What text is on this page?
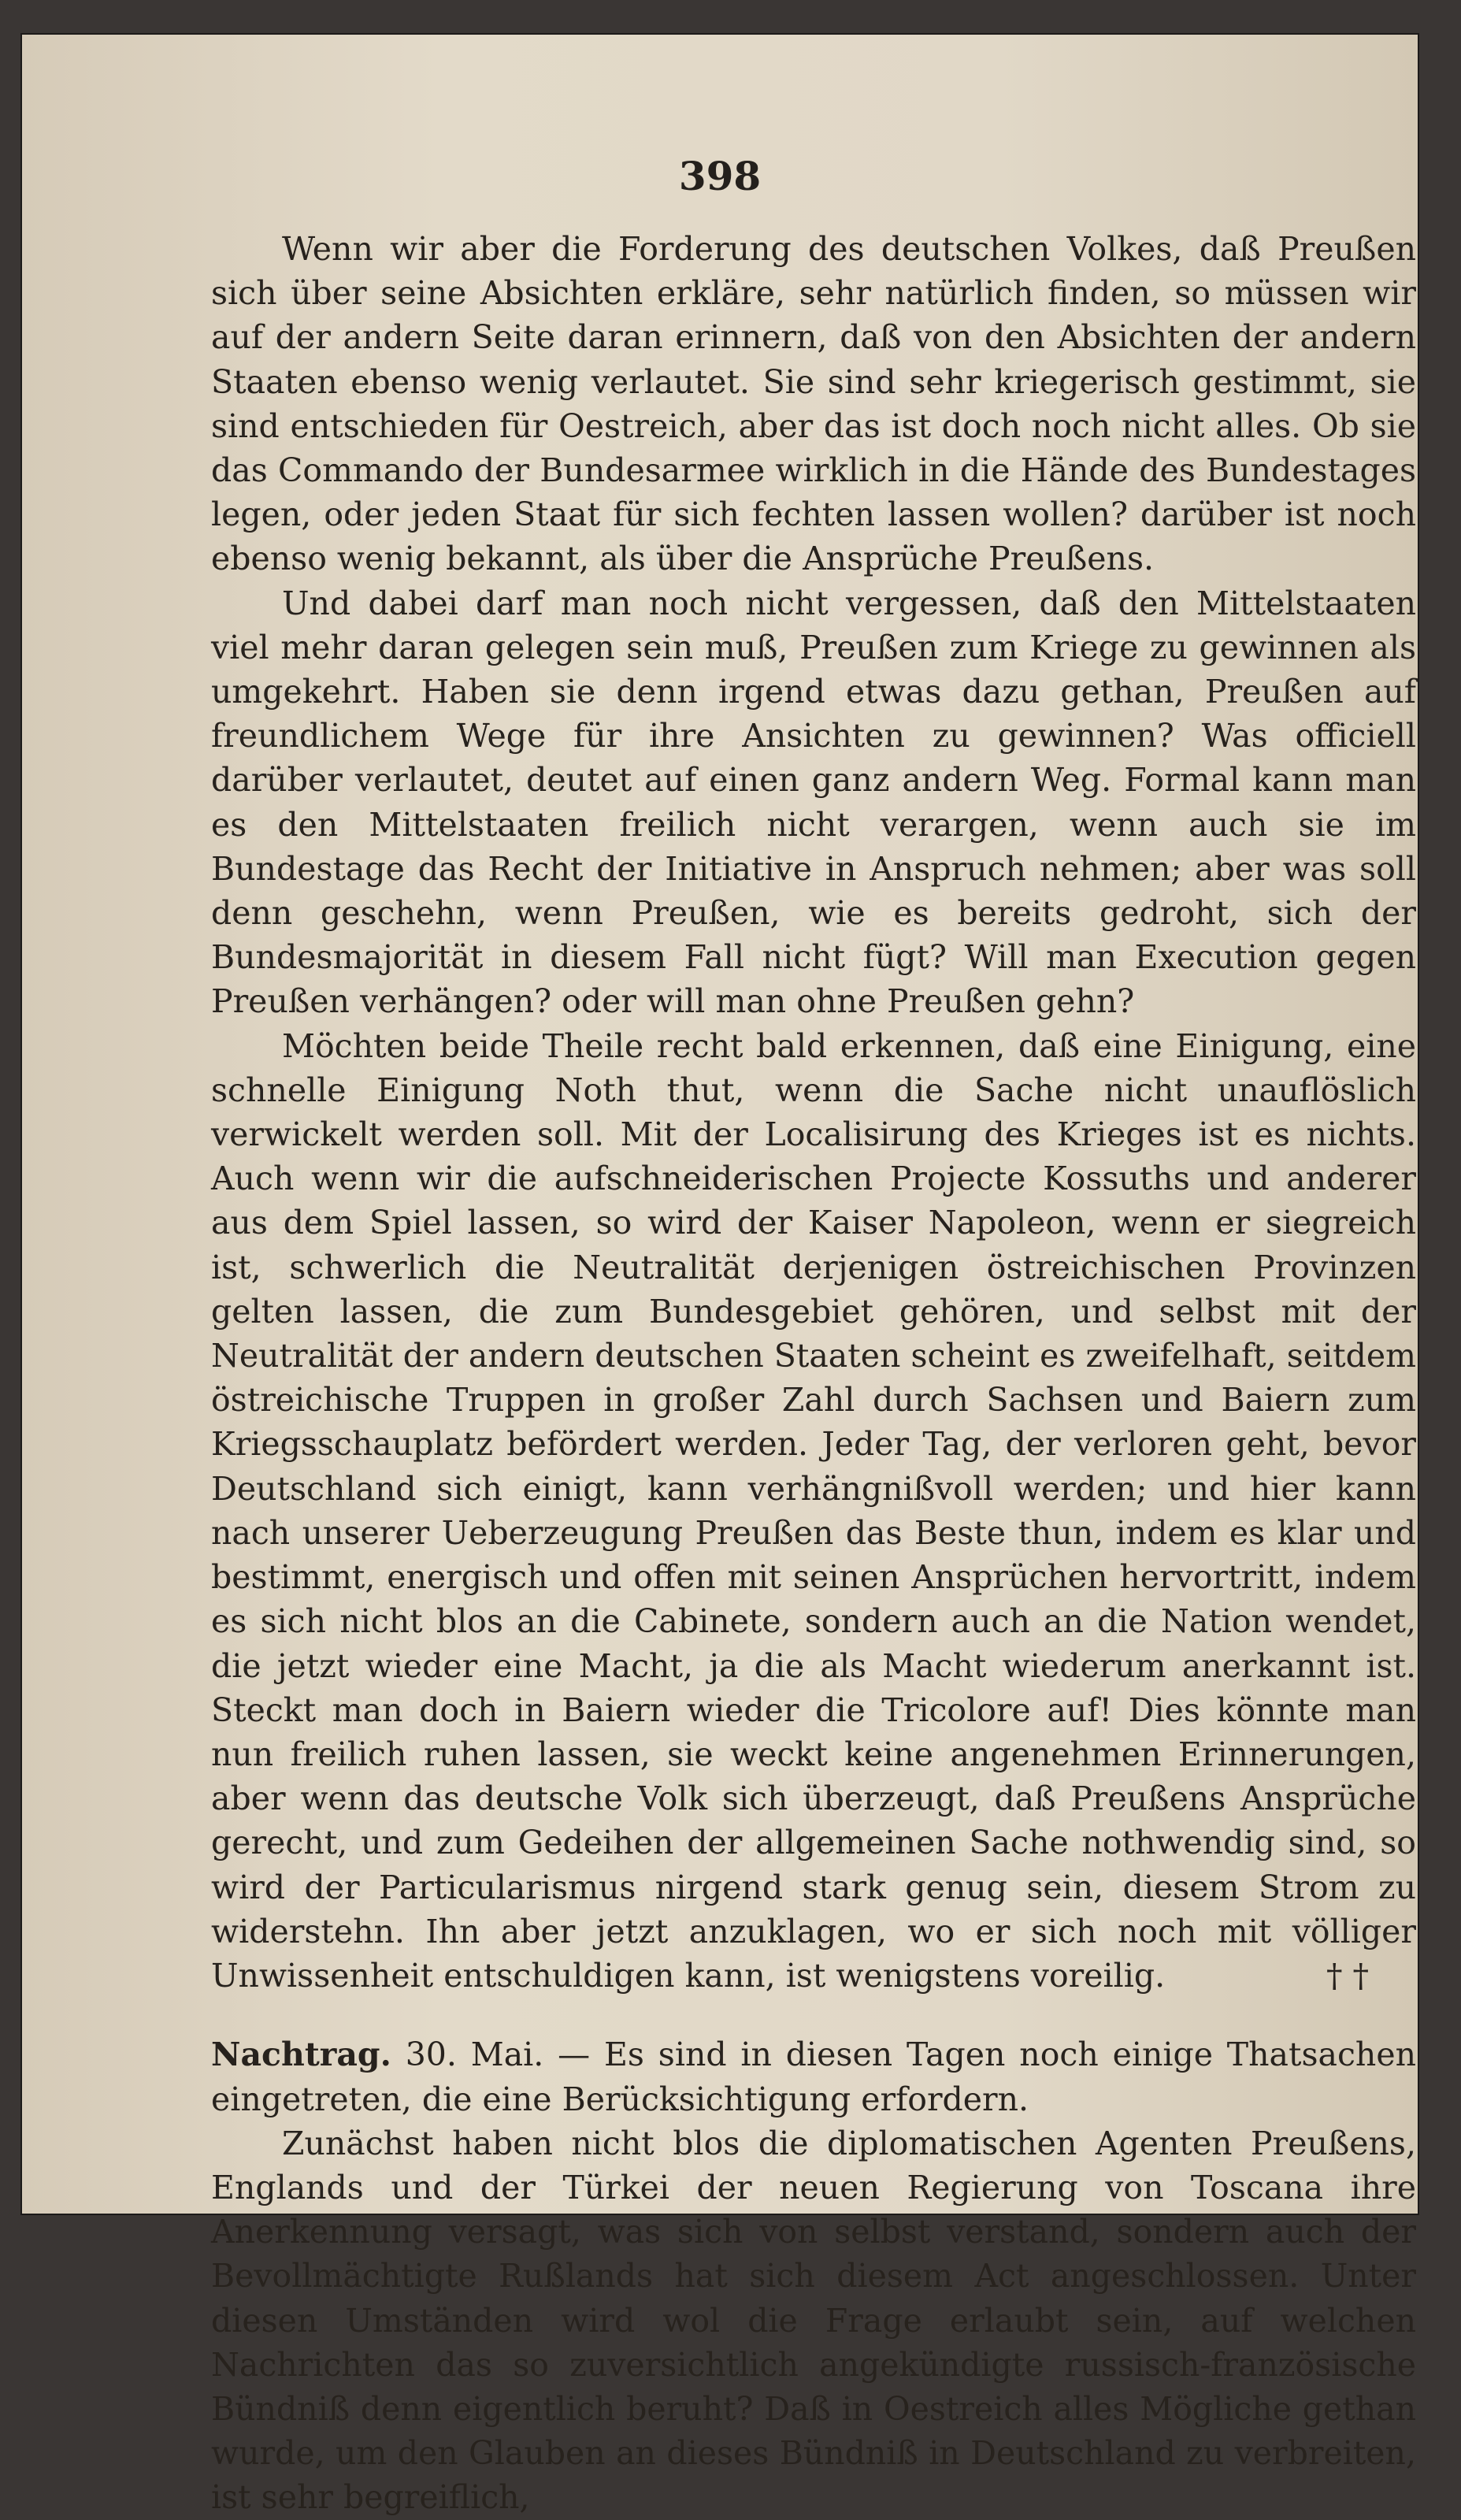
398

Wenn wir aber die Forderung des deutschen Volkes, daß Preußen sich über seine Absichten erkläre, sehr natürlich finden, so müssen wir auf der andern Seite daran erinnern, daß von den Absichten der andern Staaten ebenso wenig verlautet. Sie sind sehr kriegerisch gestimmt, sie sind entschieden für Oestreich, aber das ist doch noch nicht alles. Ob sie das Commando der Bundesarmee wirklich in die Hände des Bundestages legen, oder jeden Staat für sich fechten lassen wollen? darüber ist noch ebenso wenig bekannt, als über die Ansprüche Preußens.

Und dabei darf man noch nicht vergessen, daß den Mittelstaaten viel mehr daran gelegen sein muß, Preußen zum Kriege zu gewinnen als umgekehrt. Haben sie denn irgend etwas dazu gethan, Preußen auf freundlichem Wege für ihre Ansichten zu gewinnen? Was officiell darüber verlautet, deutet auf einen ganz andern Weg. Formal kann man es den Mittelstaaten freilich nicht verargen, wenn auch sie im Bundestage das Recht der Initiative in Anspruch nehmen; aber was soll denn geschehn, wenn Preußen, wie es bereits gedroht, sich der Bundesmajorität in diesem Fall nicht fügt? Will man Execution gegen Preußen verhängen? oder will man ohne Preußen gehn?

Möchten beide Theile recht bald erkennen, daß eine Einigung, eine schnelle Einigung Noth thut, wenn die Sache nicht unauflöslich verwickelt werden soll. Mit der Localisirung des Krieges ist es nichts. Auch wenn wir die aufschneiderischen Projecte Kossuths und anderer aus dem Spiel lassen, so wird der Kaiser Napoleon, wenn er siegreich ist, schwerlich die Neutralität derjenigen östreichischen Provinzen gelten lassen, die zum Bundesgebiet gehören, und selbst mit der Neutralität der andern deutschen Staaten scheint es zweifelhaft, seitdem östreichische Truppen in großer Zahl durch Sachsen und Baiern zum Kriegsschauplatz befördert werden. Jeder Tag, der verloren geht, bevor Deutschland sich einigt, kann verhängnißvoll werden; und hier kann nach unserer Ueberzeugung Preußen das Beste thun, indem es klar und bestimmt, energisch und offen mit seinen Ansprüchen hervortritt, indem es sich nicht blos an die Cabinete, sondern auch an die Nation wendet, die jetzt wieder eine Macht, ja die als Macht wiederum anerkannt ist. Steckt man doch in Baiern wieder die Tricolore auf! Dies könnte man nun freilich ruhen lassen, sie weckt keine angenehmen Erinnerungen, aber wenn das deutsche Volk sich überzeugt, daß Preußens Ansprüche gerecht, und zum Gedeihen der allgemeinen Sache nothwendig sind, so wird der Particularismus nirgend stark genug sein, diesem Strom zu widerstehn. Ihn aber jetzt anzuklagen, wo er sich noch mit völliger Unwissenheit entschuldigen kann, ist wenigstens voreilig.	† †

Nachtrag. 30. Mai. — Es sind in diesen Tagen noch einige Thatsachen eingetreten, die eine Berücksichtigung erfordern.

Zunächst haben nicht blos die diplomatischen Agenten Preußens, Englands und der Türkei der neuen Regierung von Toscana ihre Anerkennung versagt, was sich von selbst verstand, sondern auch der Bevollmächtigte Rußlands hat sich diesem Act angeschlossen. Unter diesen Umständen wird wol die Frage erlaubt sein, auf welchen Nachrichten das so zuversichtlich angekündigte russisch-französische Bündniß denn eigentlich beruht? Daß in Oestreich alles Mögliche gethan wurde, um den Glauben an dieses Bündniß in Deutschland zu verbreiten, ist sehr begreiflich,
